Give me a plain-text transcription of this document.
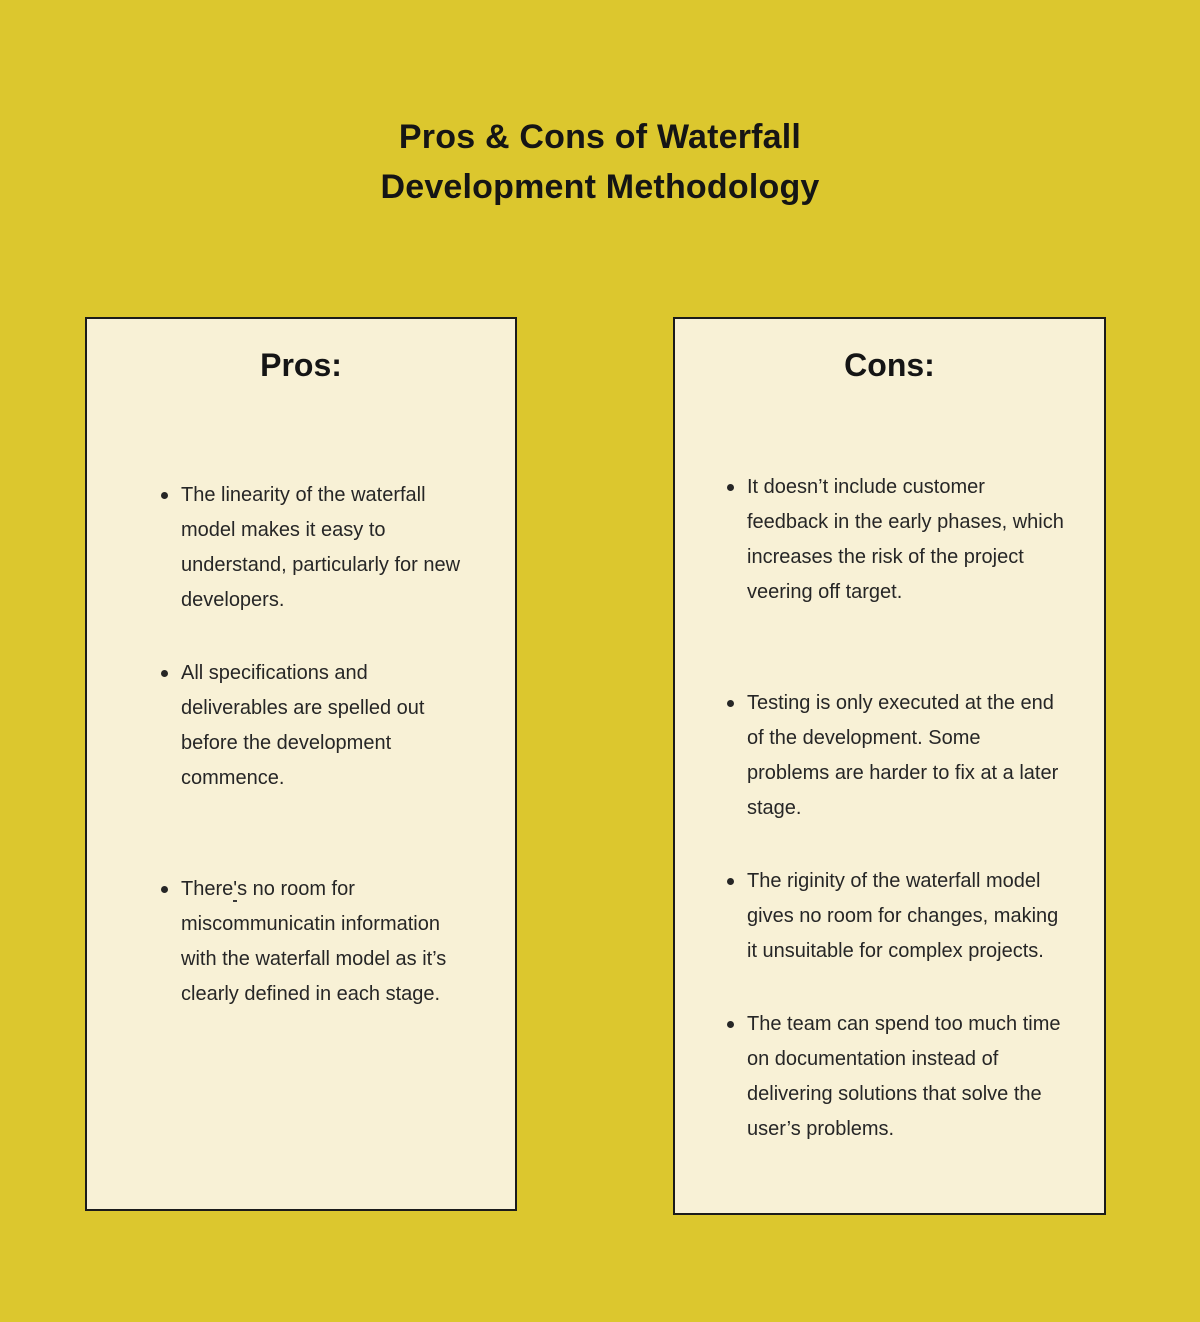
Pros & Cons of Waterfall
Development Methodology
Pros:
The linearity of the waterfall model makes it easy to understand, particularly for new developers.
All specifications and deliverables are spelled out before the development commence.
There's no room for miscommunicatin information with the waterfall model as it’s clearly defined in each stage.
Cons:
It doesn’t include customer feedback in the early phases, which increases the risk of the project veering off target.
Testing is only executed at the end of the development. Some problems are harder to fix at a later stage.
The riginity of the waterfall model gives no room for changes, making it unsuitable for complex projects.
The team can spend too much time on documentation instead of delivering solutions that solve the user’s problems.
